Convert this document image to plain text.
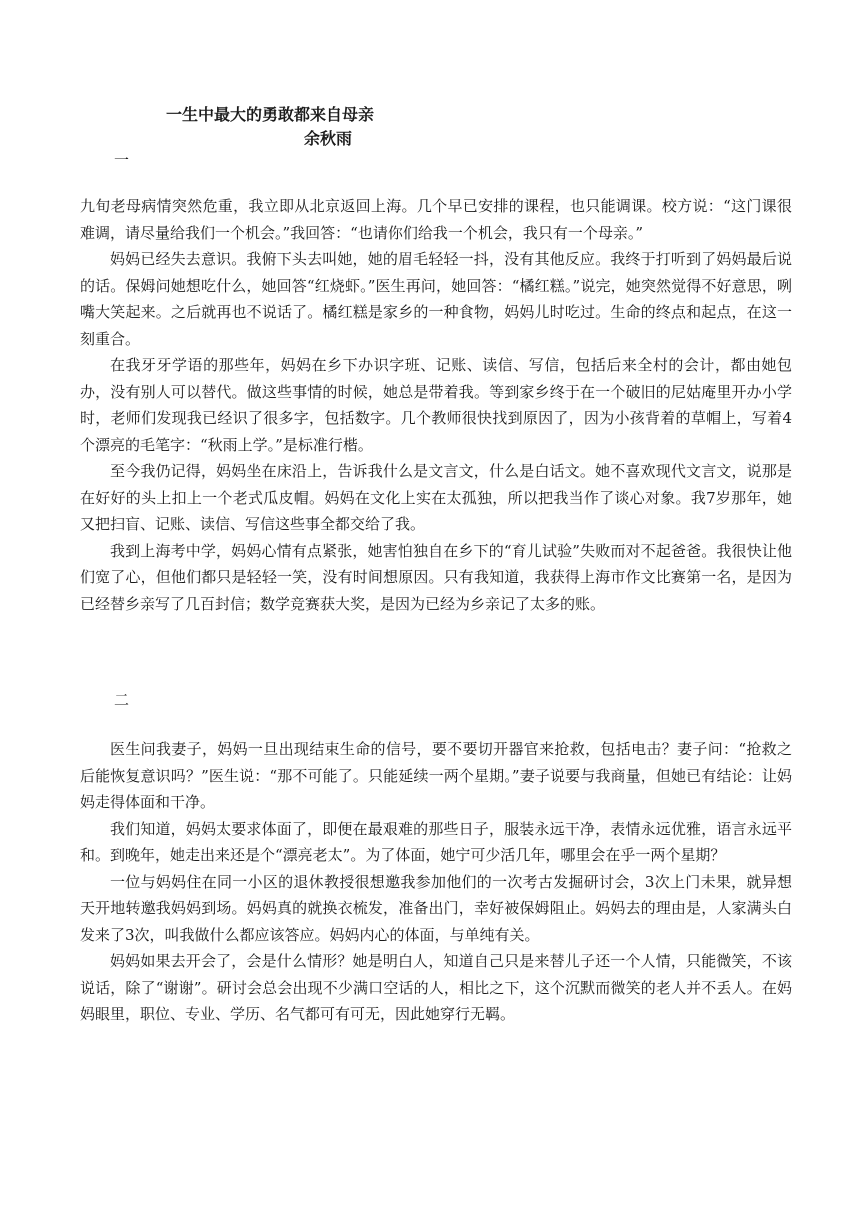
一生中最大的勇敢都来自母亲
余秋雨
一

九旬老母病情突然危重，我立即从北京返回上海。几个早已安排的课程，也只能调课。校方说：“这门课很难调，请尽量给我们一个机会。”我回答：“也请你们给我一个机会，我只有一个母亲。”

妈妈已经失去意识。我俯下头去叫她，她的眉毛轻轻一抖，没有其他反应。我终于打听到了妈妈最后说的话。保姆问她想吃什么，她回答“红烧虾。”医生再问，她回答：“橘红糕。”说完，她突然觉得不好意思，咧嘴大笑起来。之后就再也不说话了。橘红糕是家乡的一种食物，妈妈儿时吃过。生命的终点和起点，在这一刻重合。

在我牙牙学语的那些年，妈妈在乡下办识字班、记账、读信、写信，包括后来全村的会计，都由她包办，没有别人可以替代。做这些事情的时候，她总是带着我。等到家乡终于在一个破旧的尼姑庵里开办小学时，老师们发现我已经识了很多字，包括数字。几个教师很快找到原因了，因为小孩背着的草帽上，写着4个漂亮的毛笔字：“秋雨上学。”是标准行楷。

至今我仍记得，妈妈坐在床沿上，告诉我什么是文言文，什么是白话文。她不喜欢现代文言文，说那是在好好的头上扣上一个老式瓜皮帽。妈妈在文化上实在太孤独，所以把我当作了谈心对象。我7岁那年，她又把扫盲、记账、读信、写信这些事全都交给了我。

我到上海考中学，妈妈心情有点紧张，她害怕独自在乡下的“育儿试验”失败而对不起爸爸。我很快让他们宽了心，但他们都只是轻轻一笑，没有时间想原因。只有我知道，我获得上海市作文比赛第一名，是因为已经替乡亲写了几百封信；数学竞赛获大奖，是因为已经为乡亲记了太多的账。

二

医生问我妻子，妈妈一旦出现结束生命的信号，要不要切开器官来抢救，包括电击？妻子问：“抢救之后能恢复意识吗？”医生说：“那不可能了。只能延续一两个星期。”妻子说要与我商量，但她已有结论：让妈妈走得体面和干净。

我们知道，妈妈太要求体面了，即便在最艰难的那些日子，服装永远干净，表情永远优雅，语言永远平和。到晚年，她走出来还是个“漂亮老太”。为了体面，她宁可少活几年，哪里会在乎一两个星期？

一位与妈妈住在同一小区的退休教授很想邀我参加他们的一次考古发掘研讨会，3次上门未果，就异想天开地转邀我妈妈到场。妈妈真的就换衣梳发，准备出门，幸好被保姆阻止。妈妈去的理由是，人家满头白发来了3次，叫我做什么都应该答应。妈妈内心的体面，与单纯有关。

妈妈如果去开会了，会是什么情形？她是明白人，知道自己只是来替儿子还一个人情，只能微笑，不该说话，除了“谢谢”。研讨会总会出现不少满口空话的人，相比之下，这个沉默而微笑的老人并不丢人。在妈妈眼里，职位、专业、学历、名气都可有可无，因此她穿行无羁。
